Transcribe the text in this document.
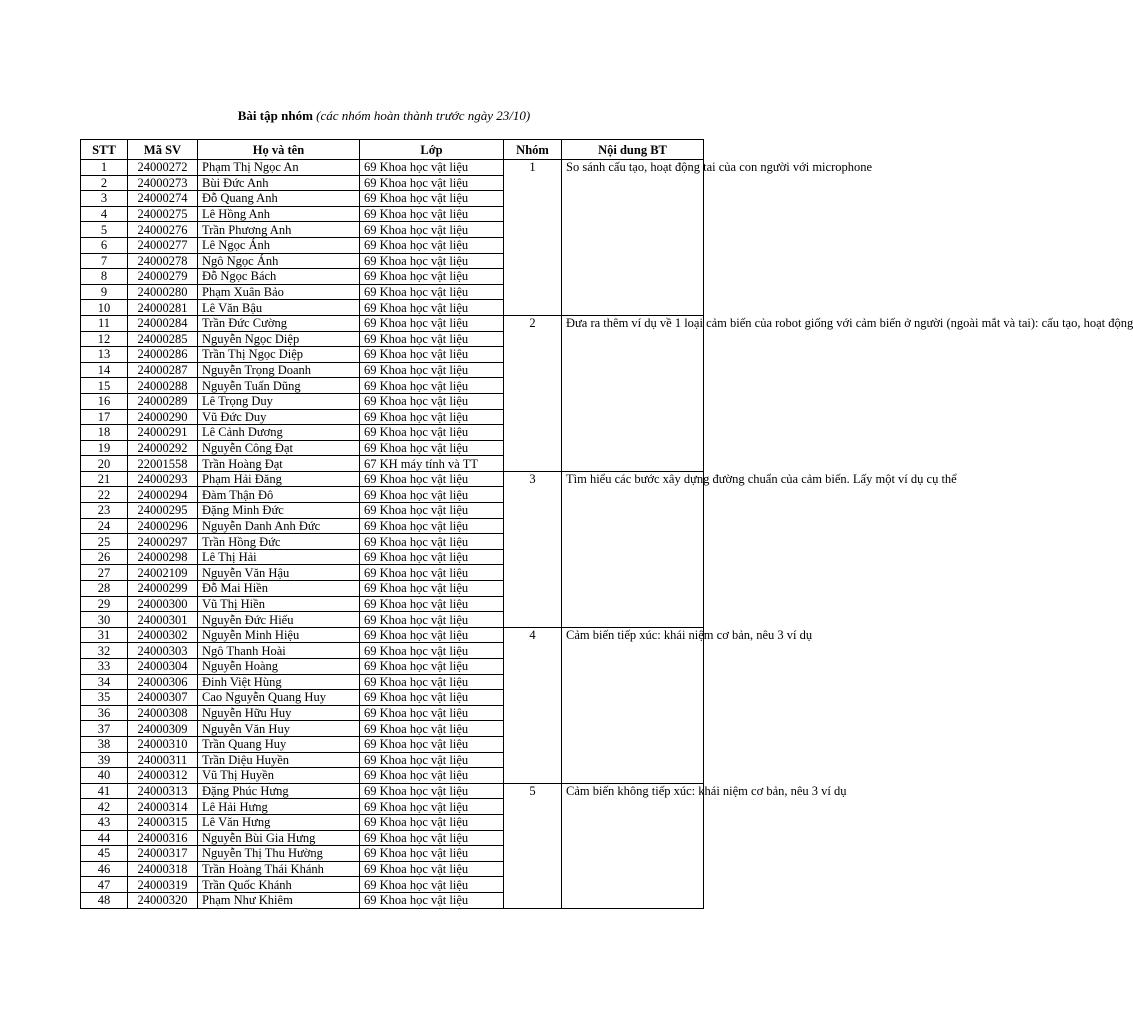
Bài tập nhóm (các nhóm hoàn thành trước ngày 23/10)
STT	Mã SV	Họ và tên	Lớp	Nhóm	Nội dung BT
1	24000272	Phạm Thị Ngọc An	69 Khoa học vật liệu	1	So sánh cấu tạo, hoạt động tai của con người với microphone
2	24000273	Bùi Đức Anh	69 Khoa học vật liệu		
3	24000274	Đỗ Quang Anh	69 Khoa học vật liệu		
4	24000275	Lê Hồng Anh	69 Khoa học vật liệu		
5	24000276	Trần Phương Anh	69 Khoa học vật liệu		
6	24000277	Lê Ngọc Ánh	69 Khoa học vật liệu		
7	24000278	Ngô Ngọc Ánh	69 Khoa học vật liệu		
8	24000279	Đỗ Ngọc Bách	69 Khoa học vật liệu		
9	24000280	Phạm Xuân Bảo	69 Khoa học vật liệu		
10	24000281	Lê Văn Bậu	69 Khoa học vật liệu		
11	24000284	Trần Đức Cường	69 Khoa học vật liệu	2	Đưa ra thêm ví dụ về 1 loại cảm biến của robot giống với cảm biến ở người (ngoài mắt và tai): cấu tạo, hoạt động
12	24000285	Nguyễn Ngọc Diệp	69 Khoa học vật liệu		
13	24000286	Trần Thị Ngọc Diệp	69 Khoa học vật liệu		
14	24000287	Nguyễn Trọng Doanh	69 Khoa học vật liệu		
15	24000288	Nguyễn Tuấn Dũng	69 Khoa học vật liệu		
16	24000289	Lê Trọng Duy	69 Khoa học vật liệu		
17	24000290	Vũ Đức Duy	69 Khoa học vật liệu		
18	24000291	Lê Cảnh Dương	69 Khoa học vật liệu		
19	24000292	Nguyễn Công Đạt	69 Khoa học vật liệu		
20	22001558	Trần Hoàng Đạt	67 KH máy tính và TT		
21	24000293	Phạm Hải Đăng	69 Khoa học vật liệu	3	Tìm hiểu các bước xây dựng đường chuẩn của cảm biến. Lấy một ví dụ cụ thể
22	24000294	Đàm Thận Đô	69 Khoa học vật liệu		
23	24000295	Đặng Minh Đức	69 Khoa học vật liệu		
24	24000296	Nguyễn Danh Anh Đức	69 Khoa học vật liệu		
25	24000297	Trần Hồng Đức	69 Khoa học vật liệu		
26	24000298	Lê Thị Hải	69 Khoa học vật liệu		
27	24002109	Nguyễn Văn Hậu	69 Khoa học vật liệu		
28	24000299	Đỗ Mai Hiền	69 Khoa học vật liệu		
29	24000300	Vũ Thị Hiền	69 Khoa học vật liệu		
30	24000301	Nguyễn Đức Hiếu	69 Khoa học vật liệu		
31	24000302	Nguyễn Minh Hiệu	69 Khoa học vật liệu	4	Cảm biến tiếp xúc: khái niệm cơ bản, nêu 3 ví dụ
32	24000303	Ngô Thanh Hoài	69 Khoa học vật liệu		
33	24000304	Nguyễn Hoàng	69 Khoa học vật liệu		
34	24000306	Đinh Việt Hùng	69 Khoa học vật liệu		
35	24000307	Cao Nguyễn Quang Huy	69 Khoa học vật liệu		
36	24000308	Nguyễn Hữu Huy	69 Khoa học vật liệu		
37	24000309	Nguyễn Văn Huy	69 Khoa học vật liệu		
38	24000310	Trần Quang Huy	69 Khoa học vật liệu		
39	24000311	Trần Diệu Huyền	69 Khoa học vật liệu		
40	24000312	Vũ Thị Huyền	69 Khoa học vật liệu		
41	24000313	Đặng Phúc Hưng	69 Khoa học vật liệu	5	Cảm biến không tiếp xúc: khái niệm cơ bản, nêu 3 ví dụ
42	24000314	Lê Hải Hưng	69 Khoa học vật liệu		
43	24000315	Lê Văn Hưng	69 Khoa học vật liệu		
44	24000316	Nguyễn Bùi Gia Hưng	69 Khoa học vật liệu		
45	24000317	Nguyễn Thị Thu Hường	69 Khoa học vật liệu		
46	24000318	Trần Hoàng Thái Khánh	69 Khoa học vật liệu		
47	24000319	Trần Quốc Khánh	69 Khoa học vật liệu		
48	24000320	Phạm Như Khiêm	69 Khoa học vật liệu		
